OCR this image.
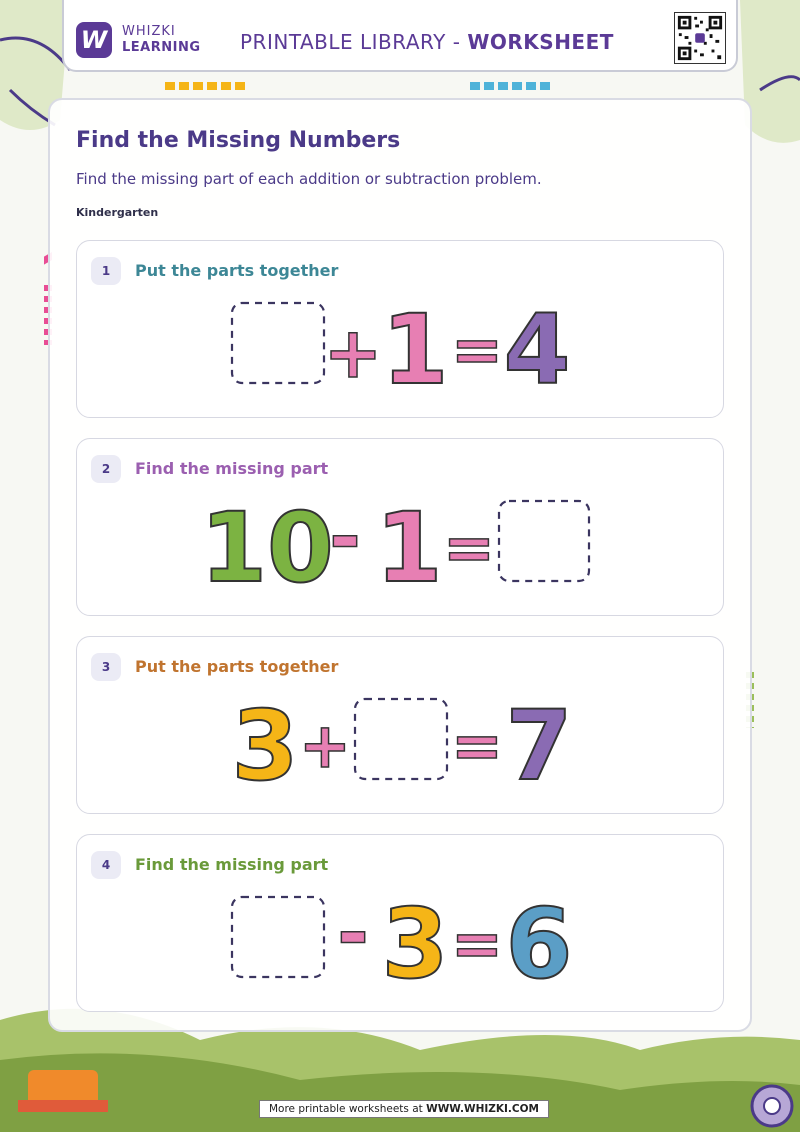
W	WHIZKI
LEARNING PRINTABLE LIBRARY - WORKSHEET
Find the Missing Numbers
Find the missing part of each addition or subtraction problem.
Kindergarten
1	Put the parts together
+ 1 = 4
2	Find the missing part
10
- 1 =
3	Put the parts together
3 + = 7
4	Find the missing part
- 3 = 6
More printable worksheets at WWW.WHIZKI.COM
